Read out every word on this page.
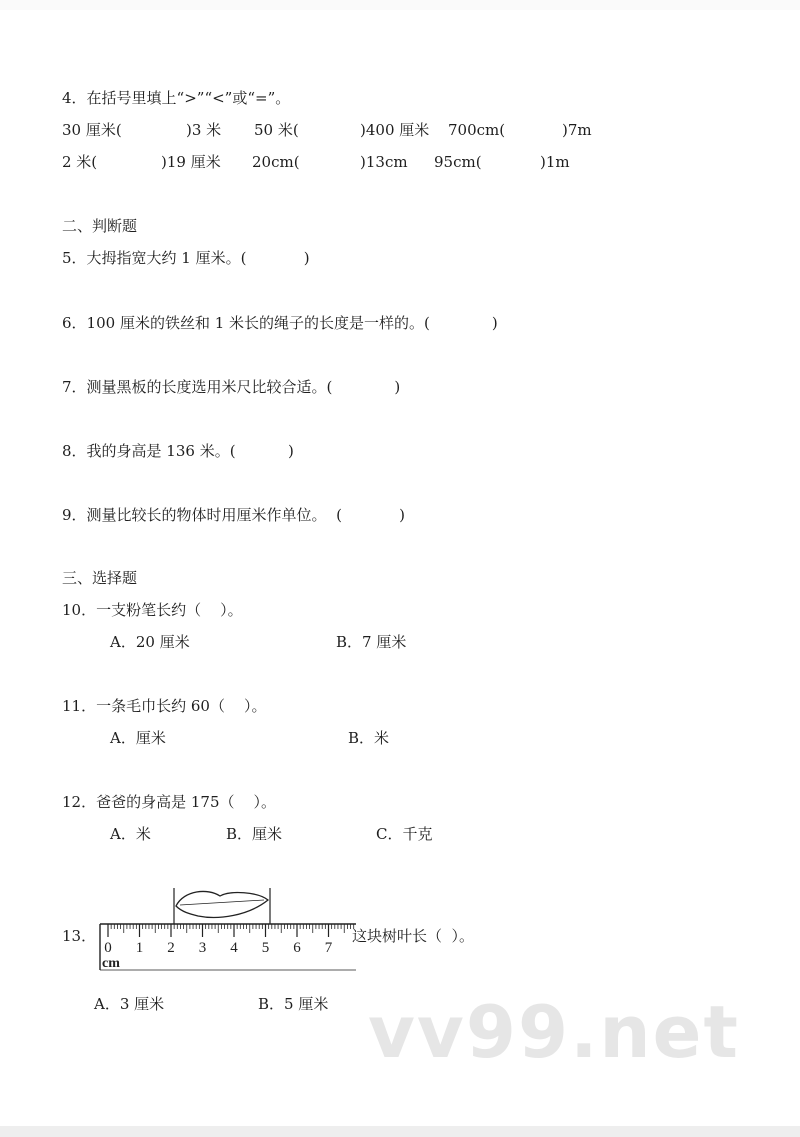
4．在括号里填上“>”“<”或“=”。
30 厘米(	)3 米 50 米(	)400 厘米 700cm(	)7m
2 米(	)19 厘米 20cm(	)13cm 95cm(	)1m
二、判断题
5．大拇指宽大约 1 厘米。(            )
6．100 厘米的铁丝和 1 米长的绳子的长度是一样的。(             )
7．测量黑板的长度选用米尺比较合适。(             )
8．我的身高是 136 米。(           )
9．测量比较长的物体时用厘米作单位。  (            )
三、选择题
10．一支粉笔长约（    ）。
A．20 厘米	B．7 厘米
11．一条毛巾长约 60（    ）。
A．厘米	B．米
12．爸爸的身高是 175（    ）。
A．米	B．厘米	C．千克
13．
0 1 2 3 4 5 6 7
cm
这块树叶长（  ）。
A．3 厘米	B．5 厘米 vv99.net
